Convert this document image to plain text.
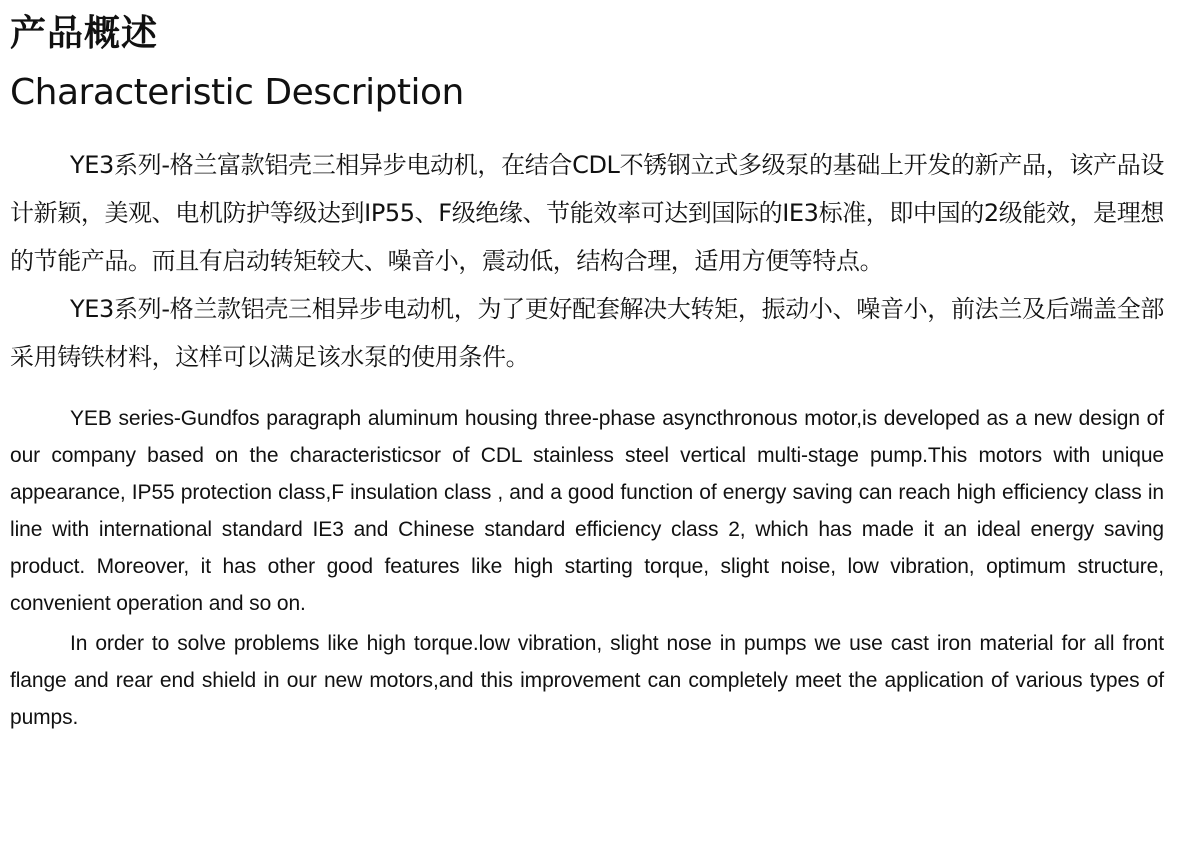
产品概述
Characteristic Description

YE3系列-格兰富款铝壳三相异步电动机，在结合CDL不锈钢立式多级泵的基础上开发的新产品，该产品设计新颖，美观、电机防护等级达到IP55、F级绝缘、节能效率可达到国际的IE3标准，即中国的2级能效，是理想的节能产品。而且有启动转矩较大、噪音小，震动低，结构合理，适用方便等特点。

YE3系列-格兰款铝壳三相异步电动机，为了更好配套解决大转矩，振动小、噪音小，前法兰及后端盖全部采用铸铁材料，这样可以满足该水泵的使用条件。

YEB series-Gundfos paragraph aluminum housing three-phase asyncthronous motor,is developed as a new design of our company based on the characteristicsor of CDL stainless steel vertical multi-stage pump.This motors with unique appearance, IP55 protection class,F insulation class , and a good function of energy saving can reach high efficiency class in line with international standard IE3 and Chinese standard efficiency class 2, which has made it an ideal energy saving product. Moreover, it has other good features like high starting torque, slight noise, low vibration, optimum structure, convenient operation and so on.

In order to solve problems like high torque.low vibration, slight nose in pumps we use cast iron material for all front flange and rear end shield in our new motors,and this improvement can completely meet the application of various types of pumps.
